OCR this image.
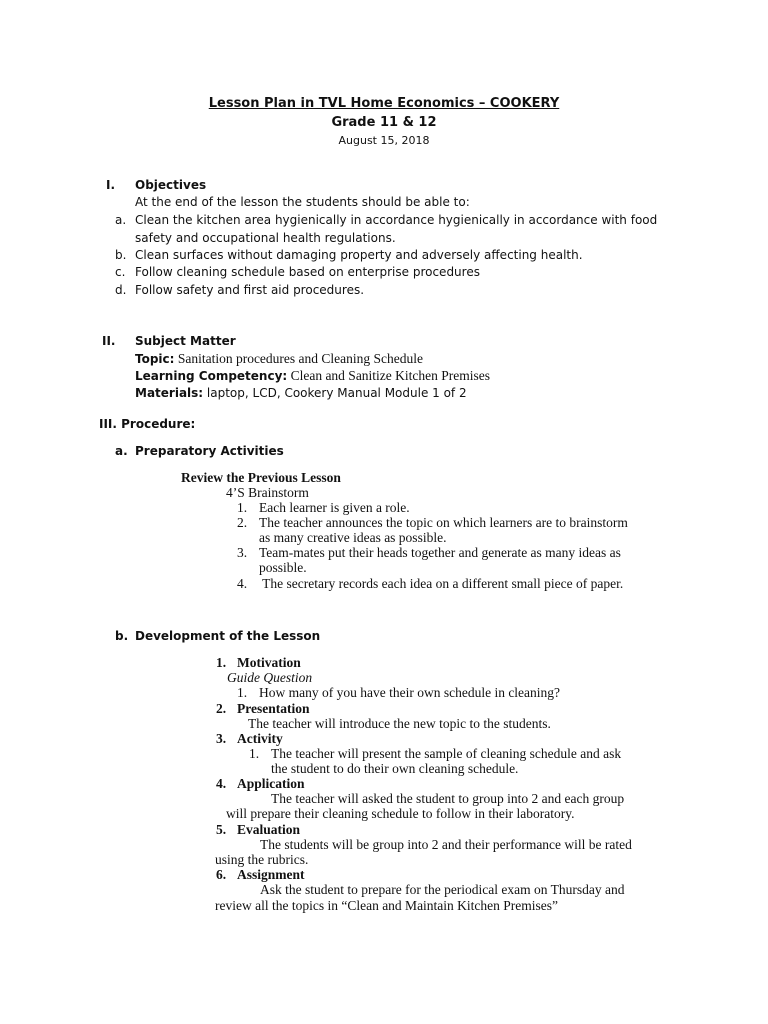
Lesson Plan in TVL Home Economics – COOKERY
Grade 11 & 12
August 15, 2018
I. Objectives
At the end of the lesson the students should be able to:
a. Clean the kitchen area hygienically in accordance hygienically in accordance with food
safety and occupational health regulations.
b. Clean surfaces without damaging property and adversely affecting health.
c. Follow cleaning schedule based on enterprise procedures
d. Follow safety and first aid procedures.
II. Subject Matter
Topic: Sanitation procedures and Cleaning Schedule
Learning Competency: Clean and Sanitize Kitchen Premises
Materials: laptop, LCD, Cookery Manual Module 1 of 2
III. Procedure:
a. Preparatory Activities
Review the Previous Lesson
4’S Brainstorm
1. Each learner is given a role.
2. The teacher announces the topic on which learners are to brainstorm
as many creative ideas as possible.
3. Team-mates put their heads together and generate as many ideas as
possible.
4. The secretary records each idea on a different small piece of paper.
b. Development of the Lesson
1. Motivation
Guide Question
1. How many of you have their own schedule in cleaning?
2. Presentation
The teacher will introduce the new topic to the students.
3. Activity
1. The teacher will present the sample of cleaning schedule and ask
the student to do their own cleaning schedule.
4. Application
The teacher will asked the student to group into 2 and each group
will prepare their cleaning schedule to follow in their laboratory.
5. Evaluation
The students will be group into 2 and their performance will be rated
using the rubrics.
6. Assignment
Ask the student to prepare for the periodical exam on Thursday and
review all the topics in “Clean and Maintain Kitchen Premises”
